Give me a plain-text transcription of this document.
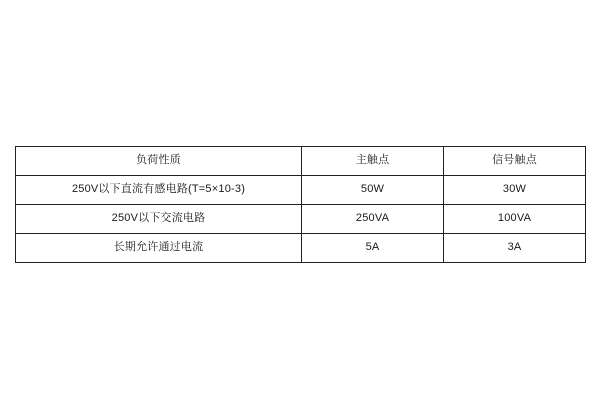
负荷性质	主触点	信号触点
250V以下直流有感电路(T=5×10-3)	50W	30W
250V以下交流电路	250VA	100VA
长期允许通过电流	5A	3A
